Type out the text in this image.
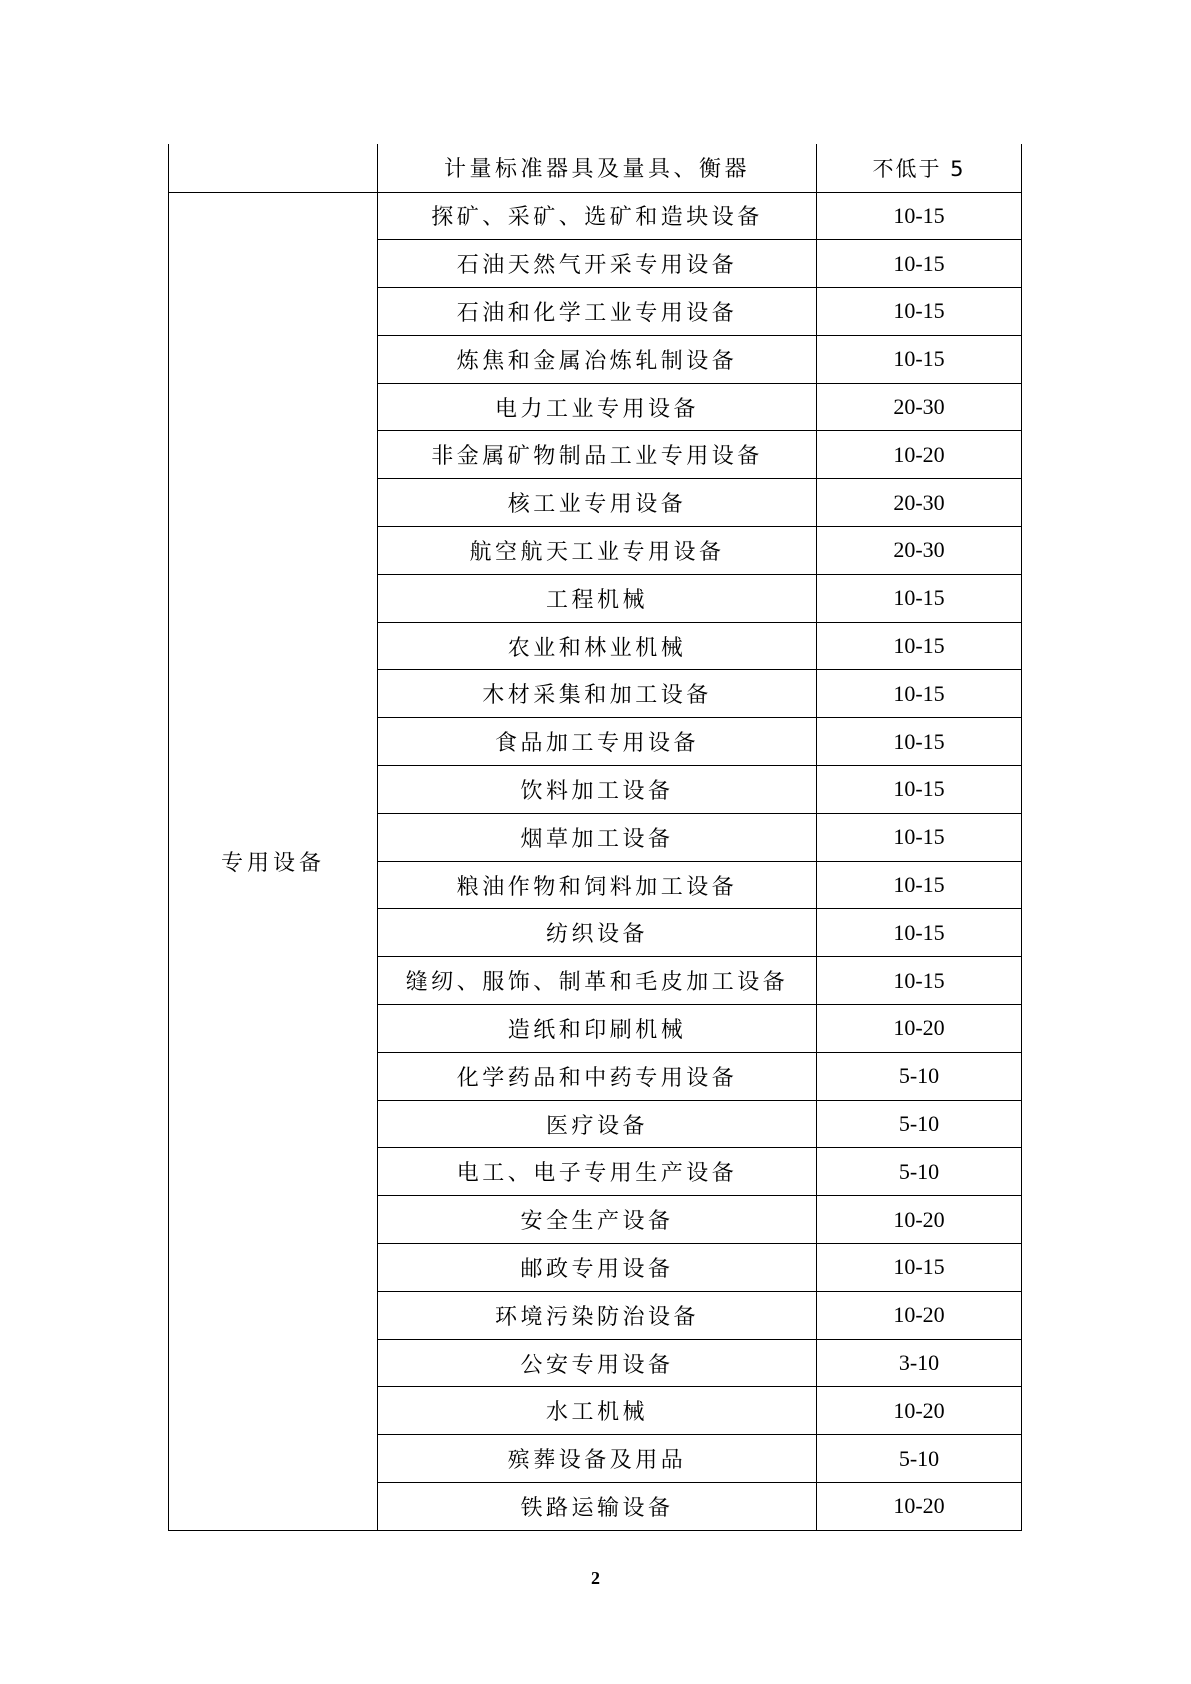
	计量标准器具及量具、衡器	不低于 5
专用设备	探矿、采矿、选矿和造块设备	10-15
	石油天然气开采专用设备	10-15
	石油和化学工业专用设备	10-15
	炼焦和金属冶炼轧制设备	10-15
	电力工业专用设备	20-30
	非金属矿物制品工业专用设备	10-20
	核工业专用设备	20-30
	航空航天工业专用设备	20-30
	工程机械	10-15
	农业和林业机械	10-15
	木材采集和加工设备	10-15
	食品加工专用设备	10-15
	饮料加工设备	10-15
	烟草加工设备	10-15
	粮油作物和饲料加工设备	10-15
	纺织设备	10-15
	缝纫、服饰、制革和毛皮加工设备	10-15
	造纸和印刷机械	10-20
	化学药品和中药专用设备	5-10
	医疗设备	5-10
	电工、电子专用生产设备	5-10
	安全生产设备	10-20
	邮政专用设备	10-15
	环境污染防治设备	10-20
	公安专用设备	3-10
	水工机械	10-20
	殡葬设备及用品	5-10
	铁路运输设备	10-20
2
